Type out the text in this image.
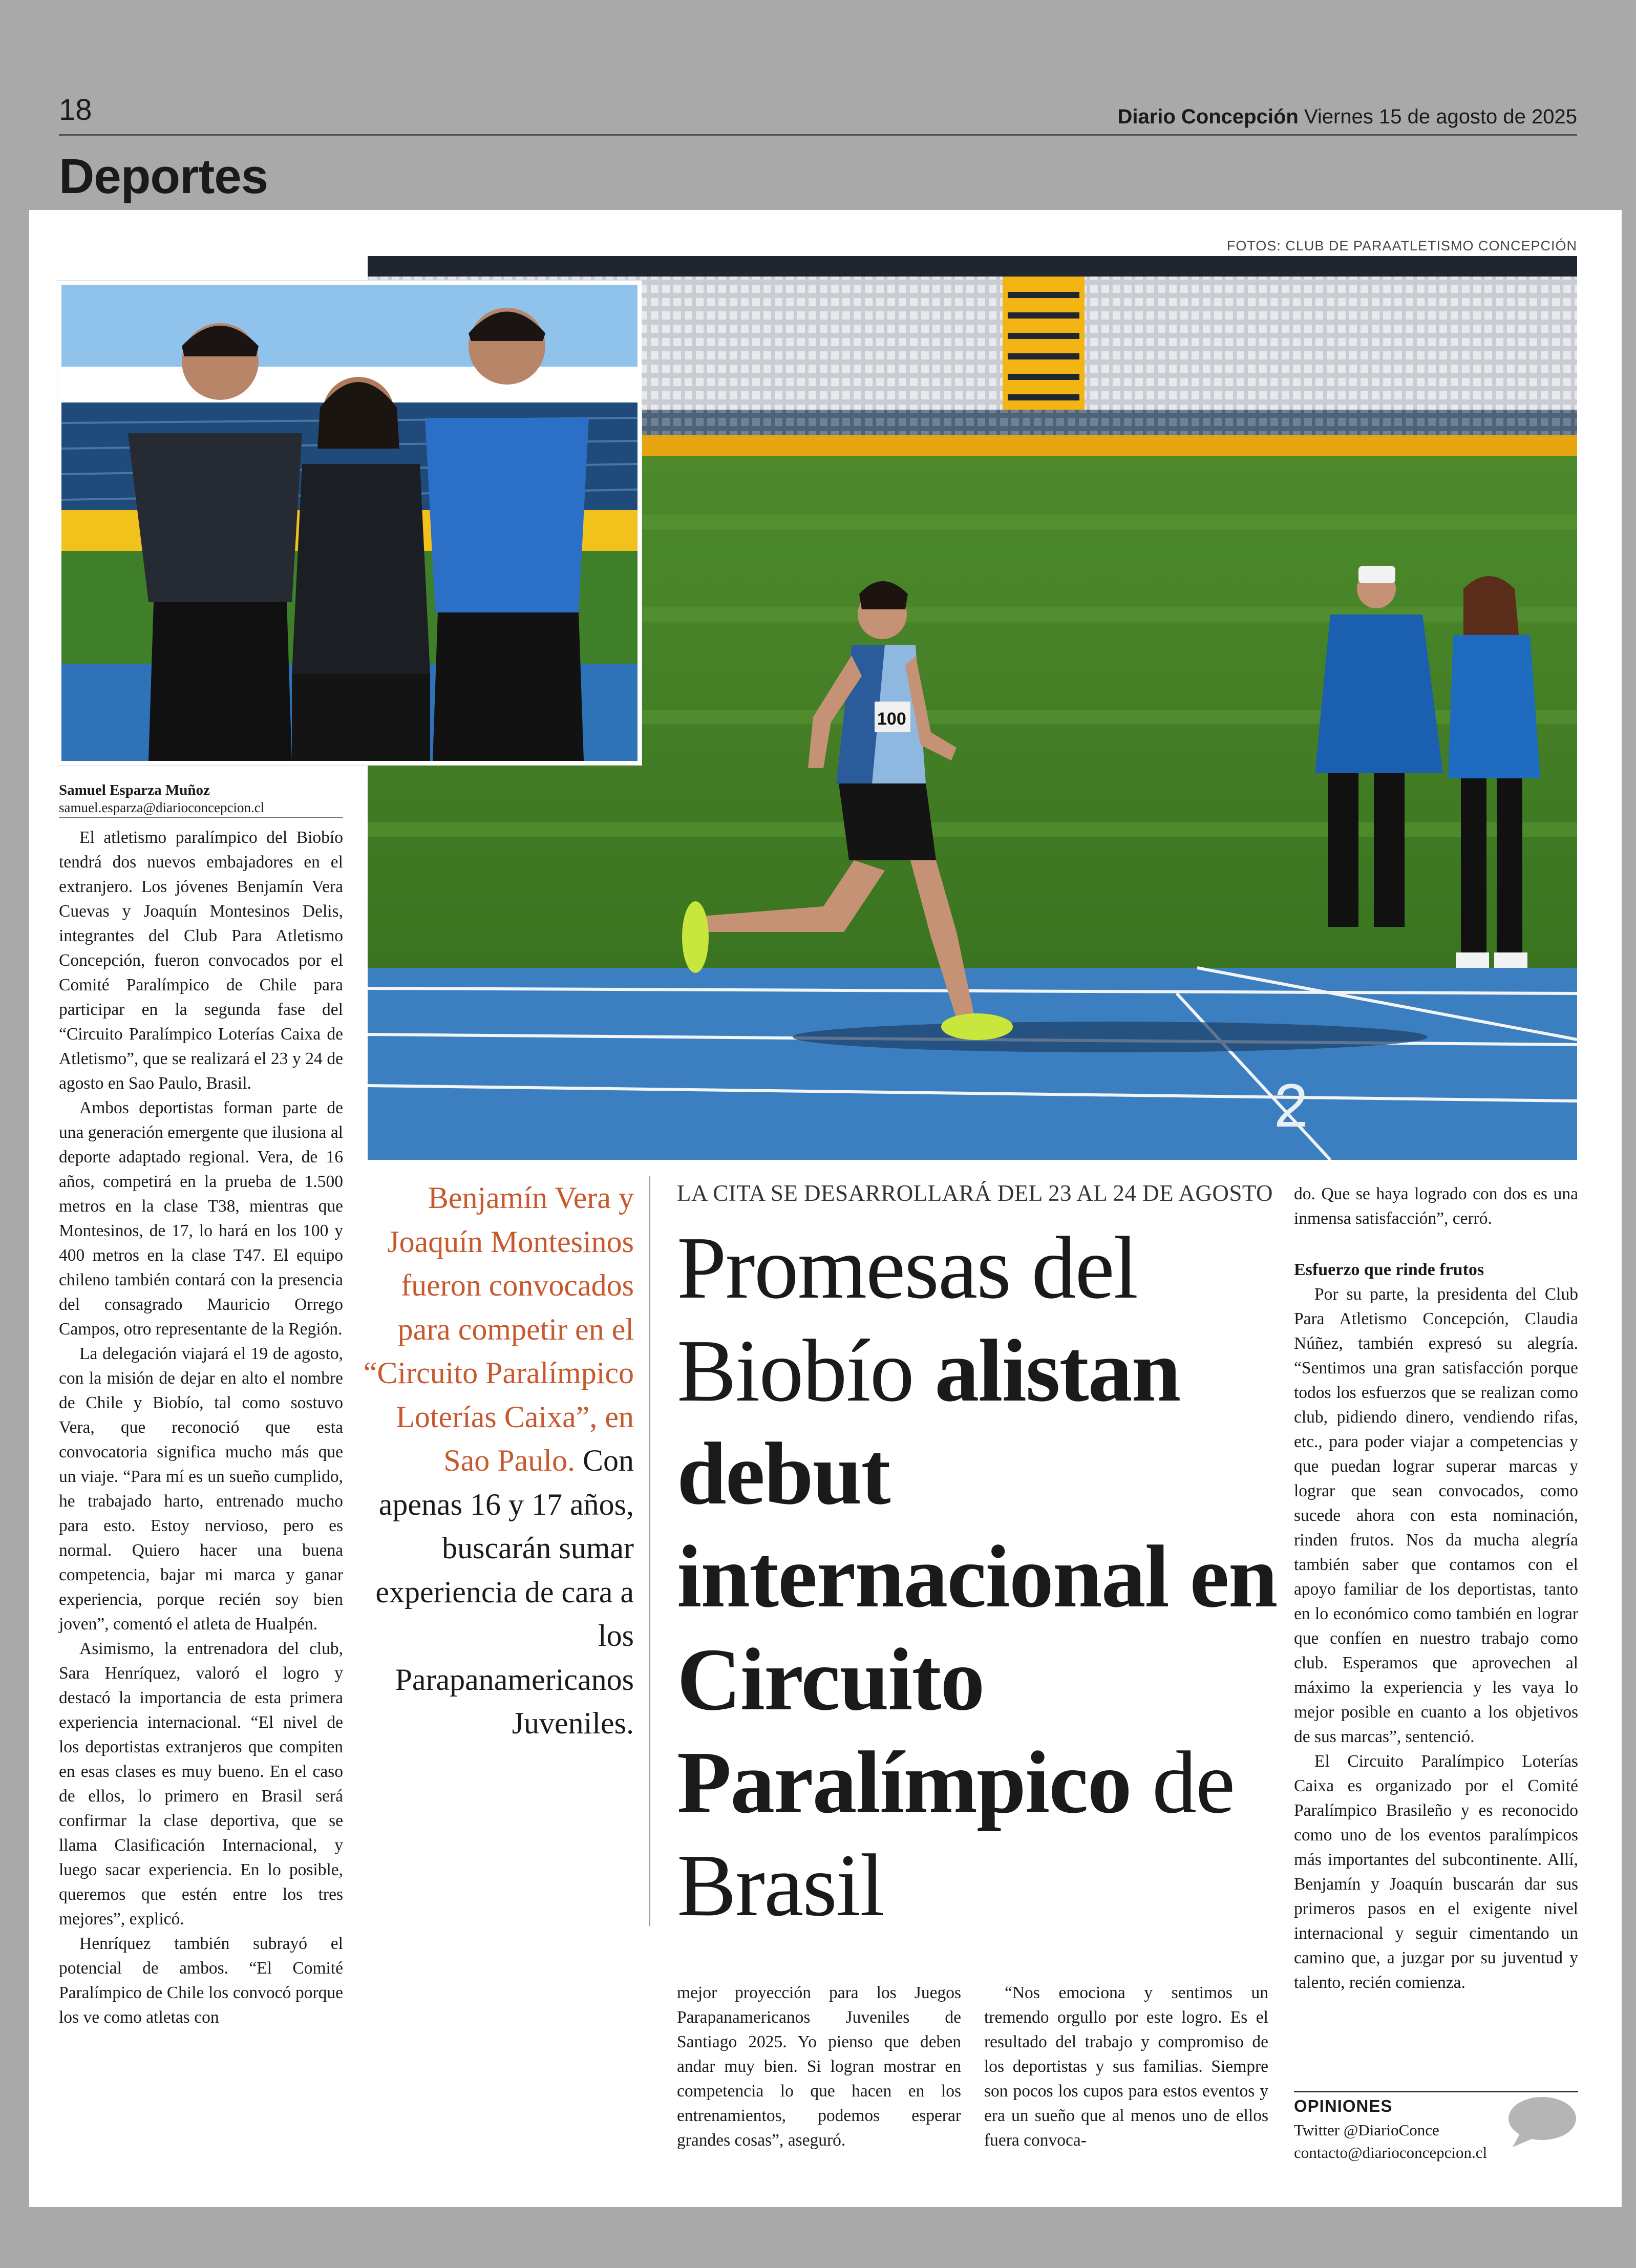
18	Diario Concepción Viernes 15 de agosto de 2025
Deportes
FOTOS: CLUB DE PARAATLETISMO CONCEPCIÓN
2
100
Samuel Esparza Muñoz
samuel.esparza@diarioconcepcion.cl

El atletismo paralímpico del Biobío tendrá dos nuevos embajadores en el extranjero. Los jóvenes Benjamín Vera Cuevas y Joaquín Montesinos Delis, integrantes del Club Para Atletismo Concepción, fueron convocados por el Comité Paralímpico de Chile para participar en la segunda fase del “Circuito Paralímpico Loterías Caixa de Atletismo”, que se realizará el 23 y 24 de agosto en Sao Paulo, Brasil.

Ambos deportistas forman parte de una generación emergente que ilusiona al deporte adaptado regional. Vera, de 16 años, competirá en la prueba de 1.500 metros en la clase T38, mientras que Montesinos, de 17, lo hará en los 100 y 400 metros en la clase T47. El equipo chileno también contará con la presencia del consagrado Mauricio Orrego Campos, otro representante de la Región.

La delegación viajará el 19 de agosto, con la misión de dejar en alto el nombre de Chile y Biobío, tal como sostuvo Vera, que reconoció que esta convocatoria significa mucho más que un viaje. “Para mí es un sueño cumplido, he trabajado harto, entrenado mucho para esto. Estoy nervioso, pero es normal. Quiero hacer una buena competencia, bajar mi marca y ganar experiencia, porque recién soy bien joven”, comentó el atleta de Hualpén.

Asimismo, la entrenadora del club, Sara Henríquez, valoró el logro y destacó la importancia de esta primera experiencia internacional. “El nivel de los deportistas extranjeros que compiten en esas clases es muy bueno. En el caso de ellos, lo primero en Brasil será confirmar la clase deportiva, que se llama Clasificación Internacional, y luego sacar experiencia. En lo posible, queremos que estén entre los tres mejores”, explicó.

Henríquez también subrayó el potencial de ambos. “El Comité Paralímpico de Chile los convocó porque los ve como atletas con

Benjamín Vera y Joaquín Montesinos fueron convocados para competir en el “Circuito Paralímpico Loterías Caixa”, en Sao Paulo. Con apenas 16 y 17 años, buscarán sumar experiencia de cara a los Parapanamericanos Juveniles.
LA CITA SE DESARROLLARÁ DEL 23 AL 24 DE AGOSTO
Promesas del Biobío alistan debut internacional en Circuito Paralímpico de Brasil

mejor proyección para los Juegos Parapanamericanos Juveniles de Santiago 2025. Yo pienso que deben andar muy bien. Si logran mostrar en competencia lo que hacen en los entrenamientos, podemos esperar grandes cosas”, aseguró.

“Nos emociona y sentimos un tremendo orgullo por este logro. Es el resultado del trabajo y compromiso de los deportistas y sus familias. Siempre son pocos los cupos para estos eventos y era un sueño que al menos uno de ellos fuera convoca-

do. Que se haya logrado con dos es una inmensa satisfacción”, cerró.

Esfuerzo que rinde frutos

Por su parte, la presidenta del Club Para Atletismo Concepción, Claudia Núñez, también expresó su alegría. “Sentimos una gran satisfacción porque todos los esfuerzos que se realizan como club, pidiendo dinero, vendiendo rifas, etc., para poder viajar a competencias y que puedan lograr superar marcas y lograr que sean convocados, como sucede ahora con esta nominación, rinden frutos. Nos da mucha alegría también saber que contamos con el apoyo familiar de los deportistas, tanto en lo económico como también en lograr que confíen en nuestro trabajo como club. Esperamos que aprovechen al máximo la experiencia y les vaya lo mejor posible en cuanto a los objetivos de sus marcas”, sentenció.

El Circuito Paralímpico Loterías Caixa es organizado por el Comité Paralímpico Brasileño y es reconocido como uno de los eventos paralímpicos más importantes del subcontinente. Allí, Benjamín y Joaquín buscarán dar sus primeros pasos en el exigente nivel internacional y seguir cimentando un camino que, a juzgar por su juventud y talento, recién comienza.

OPINIONES
Twitter @DiarioConce
contacto@diarioconcepcion.cl
